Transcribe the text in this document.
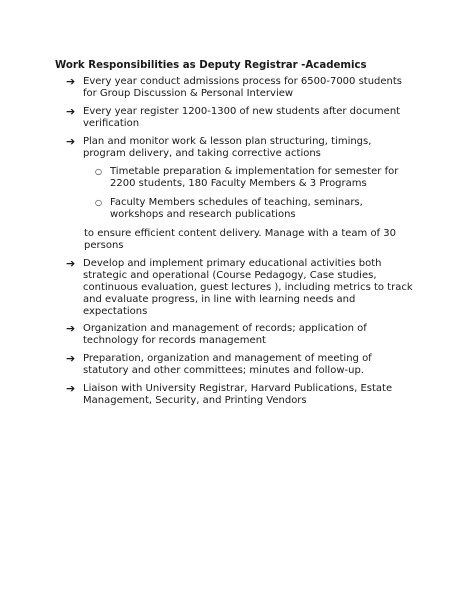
Work Responsibilities as Deputy Registrar -Academics
➔ Every year conduct admissions process for 6500-7000 students for Group Discussion & Personal Interview
➔ Every year register 1200-1300 of new students after document verification
➔ Plan and monitor work & lesson plan structuring, timings, program delivery, and taking corrective actions
○ Timetable preparation & implementation for semester for 2200 students, 180 Faculty Members & 3 Programs
○ Faculty Members schedules of teaching, seminars, workshops and research publications

to ensure efficient content delivery. Manage with a team of 30 persons

➔ Develop and implement primary educational activities both strategic and operational (Course Pedagogy, Case studies, continuous evaluation, guest lectures ), including metrics to track and evaluate progress, in line with learning needs and expectations
➔ Organization and management of records; application of technology for records management
➔ Preparation, organization and management of meeting of statutory and other committees; minutes and follow-up.
➔ Liaison with University Registrar, Harvard Publications, Estate Management, Security, and Printing Vendors
